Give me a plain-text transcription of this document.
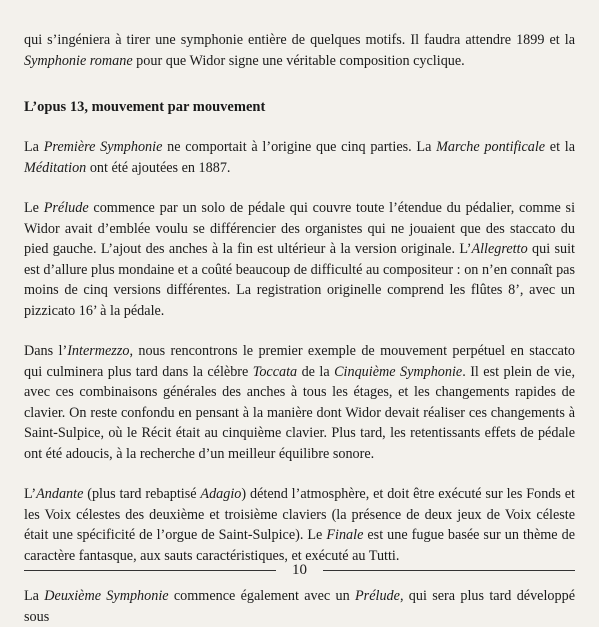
qui s’ingéniera à tirer une symphonie entière de quelques motifs. Il faudra attendre 1899 et la Symphonie romane pour que Widor signe une véritable composition cyclique.

L’opus 13, mouvement par mouvement

La Première Symphonie ne comportait à l’origine que cinq parties. La Marche pontificale et la Méditation ont été ajoutées en 1887.

Le Prélude commence par un solo de pédale qui couvre toute l’étendue du pédalier, comme si Widor avait d’emblée voulu se différencier des organistes qui ne jouaient que des staccato du pied gauche. L’ajout des anches à la fin est ultérieur à la version originale. L’Allegretto qui suit est d’allure plus mondaine et a coûté beaucoup de difficulté au compositeur : on n’en connaît pas moins de cinq versions différentes. La registration originelle comprend les flûtes 8’, avec un pizzicato 16’ à la pédale.

Dans l’Intermezzo, nous rencontrons le premier exemple de mouvement perpétuel en staccato qui culminera plus tard dans la célèbre Toccata de la Cinquième Symphonie. Il est plein de vie, avec ces combinaisons générales des anches à tous les étages, et les changements rapides de clavier. On reste confondu en pensant à la manière dont Widor devait réaliser ces changements à Saint-Sulpice, où le Récit était au cinquième clavier. Plus tard, les retentissants effets de pédale ont été adoucis, à la recherche d’un meilleur équilibre sonore.

L’Andante (plus tard rebaptisé Adagio) détend l’atmosphère, et doit être exécuté sur les Fonds et les Voix célestes des deuxième et troisième claviers (la présence de deux jeux de Voix céleste était une spécificité de l’orgue de Saint-Sulpice). Le Finale est une fugue basée sur un thème de caractère fantasque, aux sauts caractéristiques, et exécuté au Tutti.

La Deuxième Symphonie commence également avec un Prélude, qui sera plus tard développé sous

10
